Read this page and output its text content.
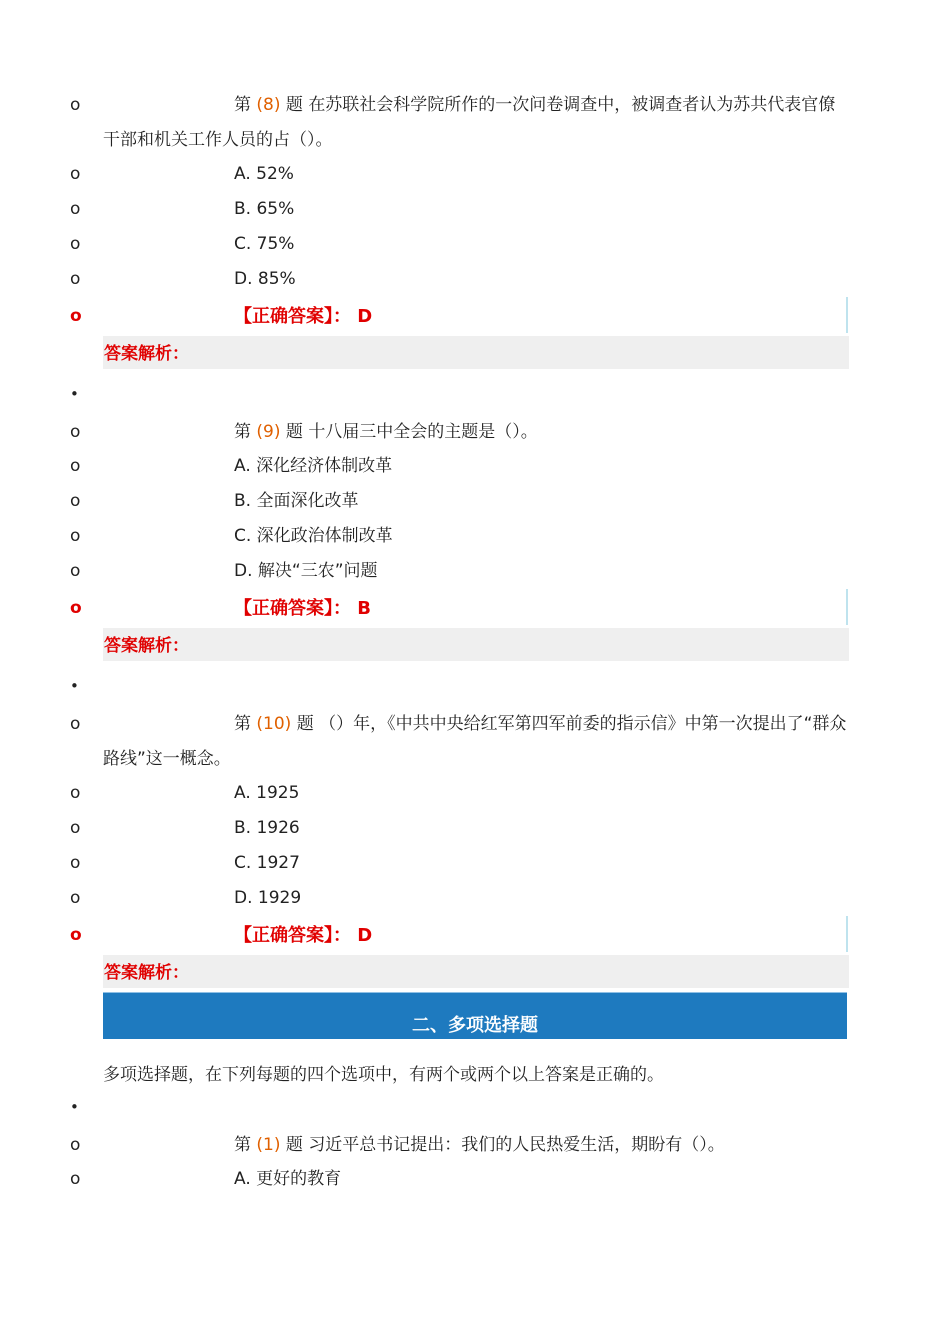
o	第 (8) 题 在苏联社会科学院所作的一次问卷调查中，被调查者认为苏共代表官僚
干部和机关工作人员的占（）。
o	A. 52%
o	B. 65%
o	C. 75%
o	D. 85%
o	【正确答案】： D
答案解析：
•
o	第 (9) 题 十八届三中全会的主题是（）。
o	A. 深化经济体制改革
o	B. 全面深化改革
o	C. 深化政治体制改革
o	D. 解决“三农”问题
o	【正确答案】： B
答案解析：
•
o	第 (10) 题 （）年，《中共中央给红军第四军前委的指示信》中第一次提出了“群众
路线”这一概念。
o	A. 1925
o	B. 1926
o	C. 1927
o	D. 1929
o	【正确答案】： D
答案解析：
二、多项选择题
多项选择题，在下列每题的四个选项中，有两个或两个以上答案是正确的。
•
o	第 (1) 题 习近平总书记提出：我们的人民热爱生活，期盼有（）。
o	A. 更好的教育
